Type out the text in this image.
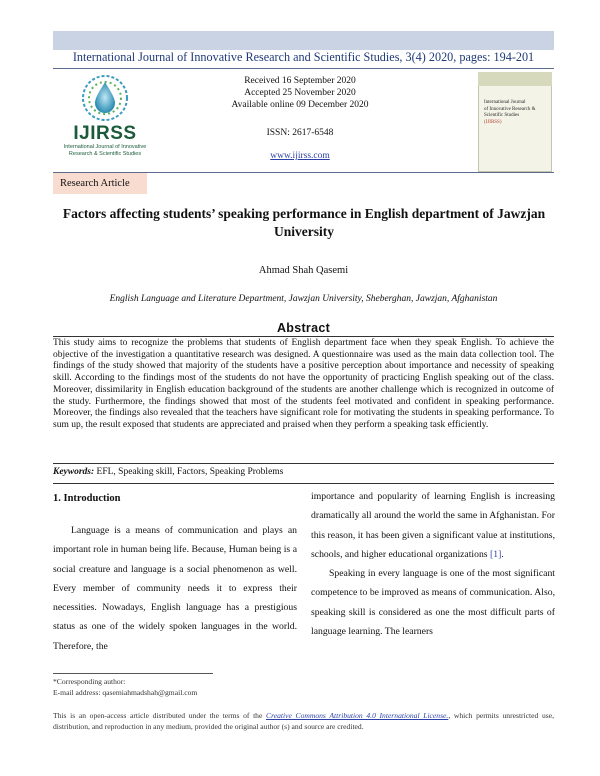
International Journal of Innovative Research and Scientific Studies, 3(4) 2020, pages: 194-201
IJIRSS
International Journal of Innovative
Research & Scientific Studies
Received 16 September 2020
Accepted 25 November 2020
Available online 09 December 2020
ISSN: 2617-6548
www.ijirss.com
International Journal
of Innovative Research &
Scientific Studies
(IJIRSS)
Research Article
Factors affecting students’ speaking performance in English department of Jawzjan University
Ahmad Shah Qasemi
English Language and Literature Department, Jawzjan University, Sheberghan, Jawzjan, Afghanistan
Abstract
This study aims to recognize the problems that students of English department face when they speak English. To achieve the objective of the investigation a quantitative research was designed. A questionnaire was used as the main data collection tool. The findings of the study showed that majority of the students have a positive perception about importance and necessity of speaking skill. According to the findings most of the students do not have the opportunity of practicing English speaking out of the class. Moreover, dissimilarity in English education background of the students are another challenge which is recognized in outcome of the study. Furthermore, the findings showed that most of the students feel motivated and confident in speaking performance. Moreover, the findings also revealed that the teachers have significant role for motivating the students in speaking performance. To sum up, the result exposed that students are appreciated and praised when they perform a speaking task efficiently.
Keywords: EFL, Speaking skill, Factors, Speaking Problems
1. Introduction

Language is a means of communication and plays an important role in human being life. Because, Human being is a social creature and language is a social phenomenon as well. Every member of community needs it to express their necessities. Nowadays, English language has a prestigious status as one of the widely spoken languages in the world. Therefore, the

importance and popularity of learning English is increasing dramatically all around the world the same in Afghanistan. For this reason, it has been given a significant value at institutions, schools, and higher educational organizations [1].

Speaking in every language is one of the most significant competence to be improved as means of communication. Also, speaking skill is considered as one the most difficult parts of language learning. The learners

*Corresponding author:
E-mail address: qasemiahmadshah@gmail.com
This is an open-access article distributed under the terms of the Creative Commons Attribution 4.0 International License., which permits unrestricted use, distribution, and reproduction in any medium, provided the original author (s) and source are credited.
